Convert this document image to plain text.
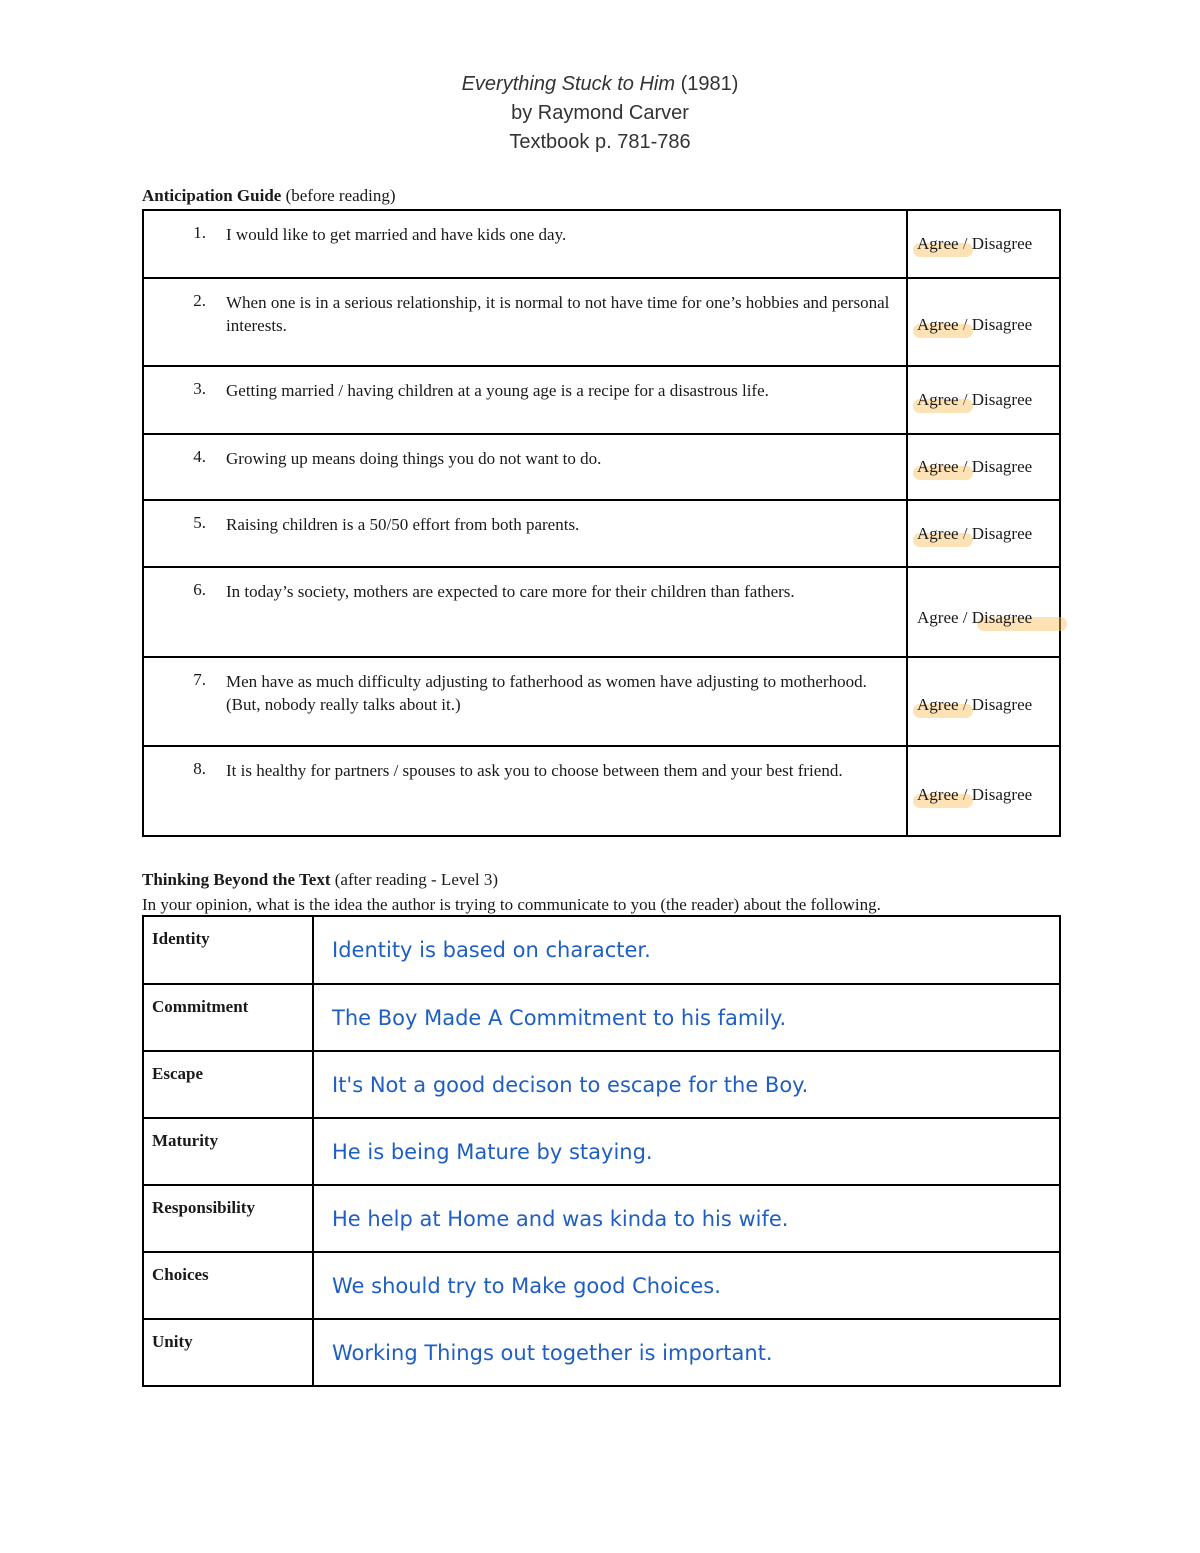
Everything Stuck to Him (1981)
by Raymond Carver
Textbook p. 781-786
Anticipation Guide (before reading)
1. I would like to get married and have kids one day.	Agree / Disagree

2. When one is in a serious relationship, it is normal to not have time for one’s hobbies and personal interests.	Agree / Disagree

3. Getting married / having children at a young age is a recipe for a disastrous life.	Agree / Disagree

4. Growing up means doing things you do not want to do.	Agree / Disagree

5. Raising children is a 50/50 effort from both parents.	Agree / Disagree

6. In today’s society, mothers are expected to care more for their children than fathers.	Agree / Disagree

7. Men have as much difficulty adjusting to fatherhood as women have adjusting to motherhood. (But, nobody really talks about it.)	Agree / Disagree

8. It is healthy for partners / spouses to ask you to choose between them and your best friend.	Agree / Disagree
Thinking Beyond the Text (after reading - Level 3)
In your opinion, what is the idea the author is trying to communicate to you (the reader) about the following.
Identity	Identity is based on character.
Commitment	The Boy Made A Commitment to his family.
Escape	It's Not a good decison to escape for the Boy.
Maturity	He is being Mature by staying.
Responsibility	He help at Home and was kinda to his wife.
Choices	We should try to Make good Choices.
Unity	Working Things out together is important.
